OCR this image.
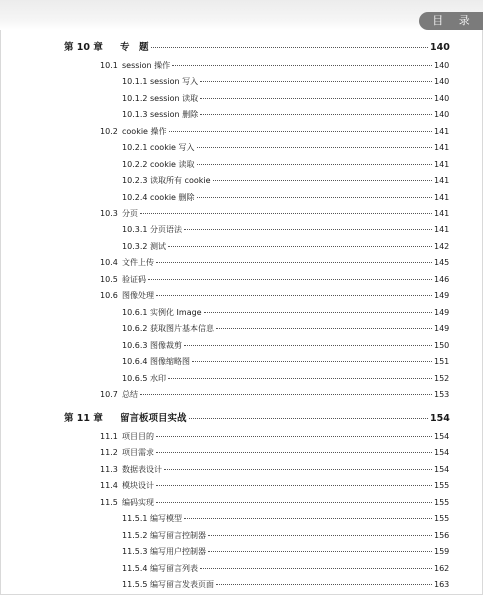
目 录
第 10 章	专　题	140
10.1 session 操作	140
10.1.1 session 写入	140
10.1.2 session 读取	140
10.1.3 session 删除	140
10.2 cookie 操作	141
10.2.1 cookie 写入	141
10.2.2 cookie 读取	141
10.2.3 读取所有 cookie	141
10.2.4 cookie 删除	141
10.3 分页	141
10.3.1 分页语法	141
10.3.2 测试	142
10.4 文件上传	145
10.5 验证码	146
10.6 图像处理	149
10.6.1 实例化 Image	149
10.6.2 获取图片基本信息	149
10.6.3 图像裁剪	150
10.6.4 图像缩略图	151
10.6.5 水印	152
10.7 总结	153
第 11 章	留言板项目实战	154
11.1 项目目的	154
11.2 项目需求	154
11.3 数据表设计	154
11.4 模块设计	155
11.5 编码实现	155
11.5.1 编写模型	155
11.5.2 编写留言控制器	156
11.5.3 编写用户控制器	159
11.5.4 编写留言列表	162
11.5.5 编写留言发表页面	163
